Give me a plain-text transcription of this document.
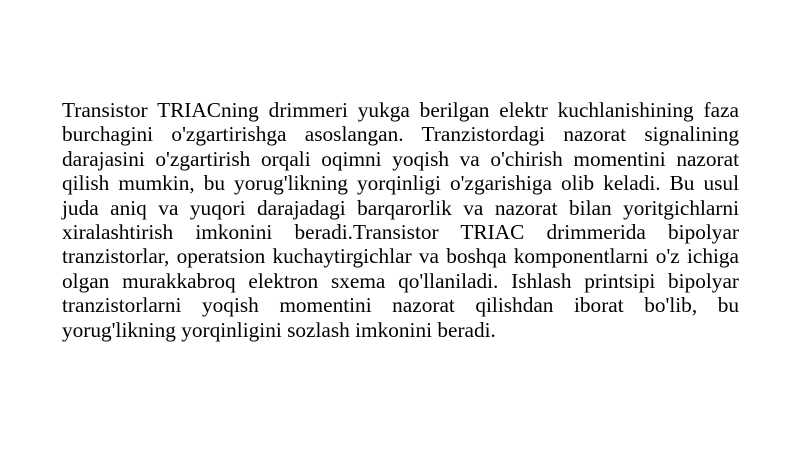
Transistor TRIACning drimmeri yukga berilgan elektr kuchlanishining faza burchagini o'zgartirishga asoslangan. Tranzistordagi nazorat signalining darajasini o'zgartirish orqali oqimni yoqish va o'chirish momentini nazorat qilish mumkin, bu yorug'likning yorqinligi o'zgarishiga olib keladi. Bu usul juda aniq va yuqori darajadagi barqarorlik va nazorat bilan yoritgichlarni xiralashtirish imkonini beradi.Transistor TRIAC drimmerida bipolyar tranzistorlar, operatsion kuchaytirgichlar va boshqa komponentlarni o'z ichiga olgan murakkabroq elektron sxema qo'llaniladi. Ishlash printsipi bipolyar tranzistorlarni yoqish momentini nazorat qilishdan iborat bo'lib, bu yorug'likning yorqinligini sozlash imkonini beradi.
